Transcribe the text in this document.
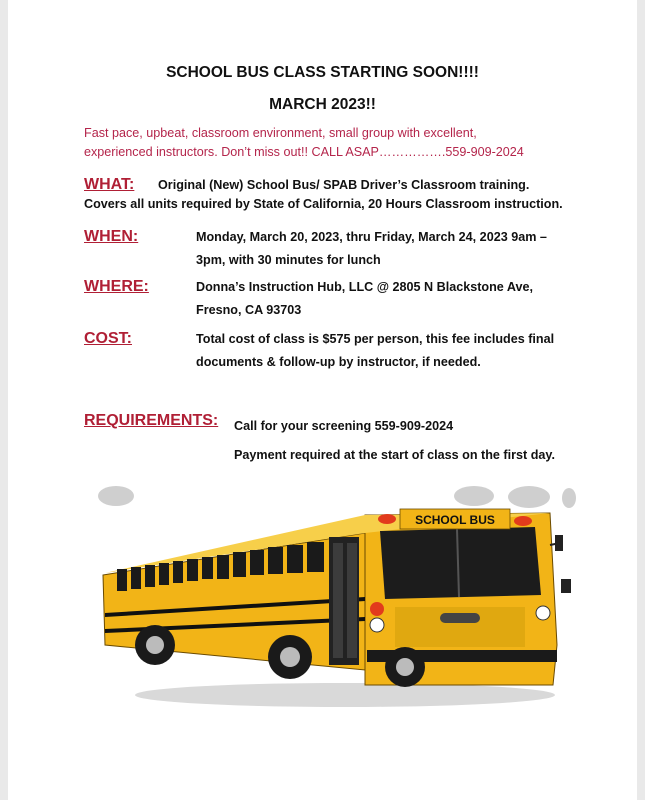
SCHOOL BUS CLASS STARTING SOON!!!!
MARCH 2023!!
Fast pace, upbeat, classroom environment, small group with excellent,
experienced instructors. Don’t miss out!! CALL ASAP…………….559-909-2024
WHAT: Original (New) School Bus/ SPAB Driver’s Classroom training.
Covers all units required by State of California, 20 Hours Classroom instruction.
WHEN:	Monday, March 20, 2023, thru Friday, March 24, 2023 9am –
3pm, with 30 minutes for lunch
WHERE:	Donna’s Instruction Hub, LLC @ 2805 N Blackstone Ave,
Fresno, CA 93703
COST:	Total cost of class is $575 per person, this fee includes final
documents & follow-up by instructor, if needed.
REQUIREMENTS: Call for your screening 559-909-2024
Payment required at the start of class on the first day.
SCHOOL BUS
